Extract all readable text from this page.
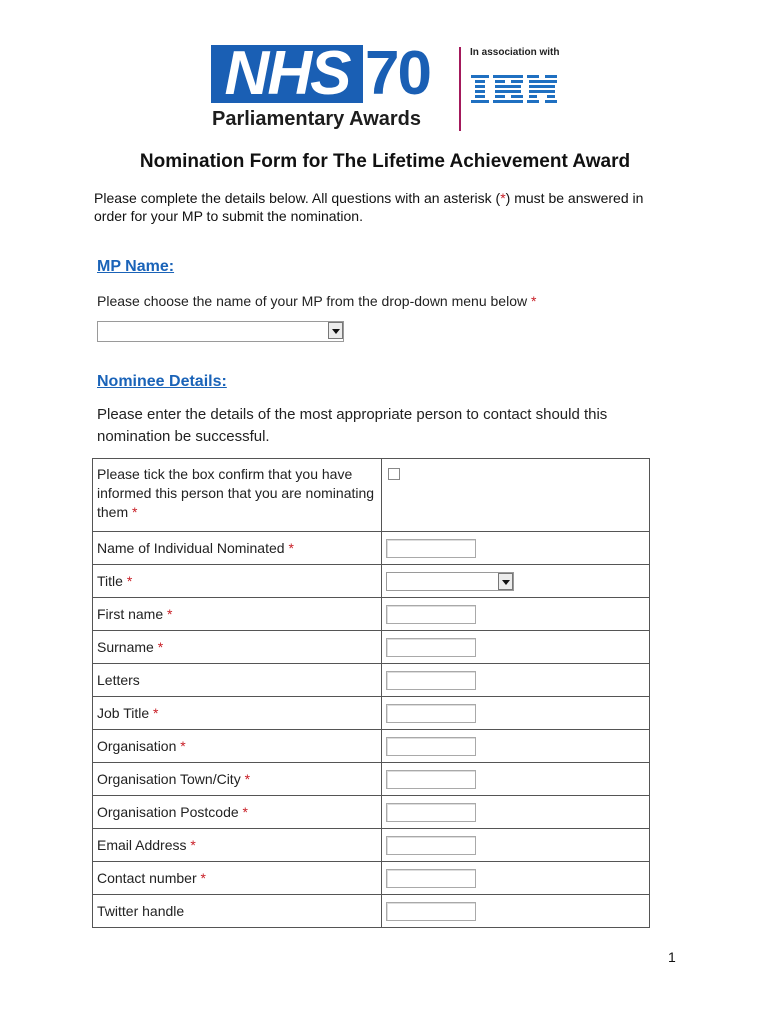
NHS 70
Parliamentary Awards
In association with
Nomination Form for The Lifetime Achievement Award
Please complete the details below. All questions with an asterisk (*) must be answered in order for your MP to submit the nomination.
MP Name:
Please choose the name of your MP from the drop-down menu below *
Nominee Details:
Please enter the details of the most appropriate person to contact should this nomination be successful.
Please tick the box confirm that you have informed this person that you are nominating them *	

Name of Individual Nominated *	

Title *	

First name *	

Surname *	

Letters	

Job Title *	

Organisation *	

Organisation Town/City *	

Organisation Postcode *	

Email Address *	

Contact number *	

Twitter handle	
1
